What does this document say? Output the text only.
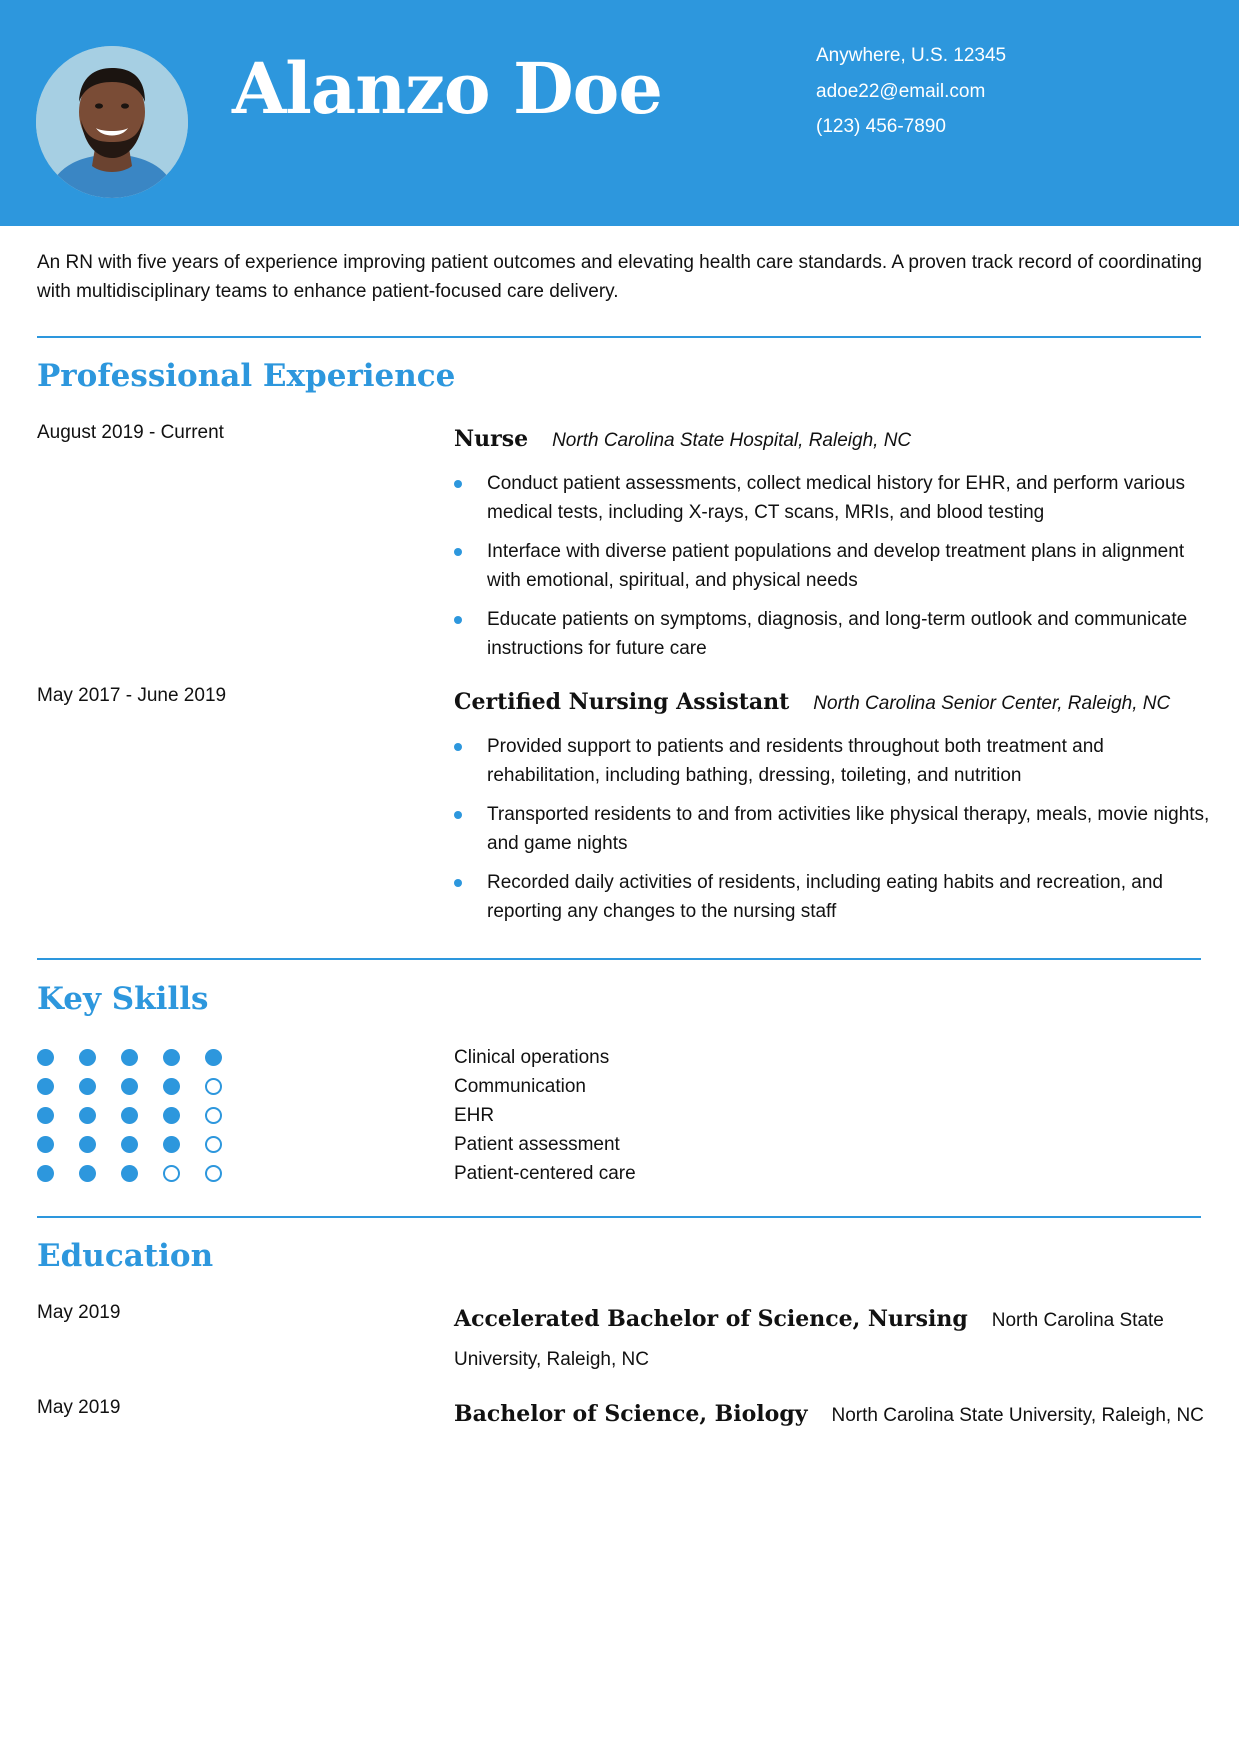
Alanzo Doe	Anywhere, U.S. 12345
adoe22@email.com
(123) 456-7890
An RN with five years of experience improving patient outcomes and elevating health care standards. A proven track record of coordinating with multidisciplinary teams to enhance patient-focused care delivery.
Professional Experience
August 2019 - Current	Nurse North Carolina State Hospital, Raleigh, NC
Conduct patient assessments, collect medical history for EHR, and perform various medical tests, including X-rays, CT scans, MRIs, and blood testing
Interface with diverse patient populations and develop treatment plans in alignment with emotional, spiritual, and physical needs
Educate patients on symptoms, diagnosis, and long-term outlook and communicate instructions for future care
May 2017 - June 2019	Certified Nursing Assistant North Carolina Senior Center, Raleigh, NC
Provided support to patients and residents throughout both treatment and rehabilitation, including bathing, dressing, toileting, and nutrition
Transported residents to and from activities like physical therapy, meals, movie nights, and game nights
Recorded daily activities of residents, including eating habits and recreation, and reporting any changes to the nursing staff
Key Skills
Clinical operations
Communication
EHR
Patient assessment
Patient-centered care
Education
May 2019	Accelerated Bachelor of Science, Nursing North Carolina State University, Raleigh, NC
May 2019	Bachelor of Science, Biology North Carolina State University, Raleigh, NC
